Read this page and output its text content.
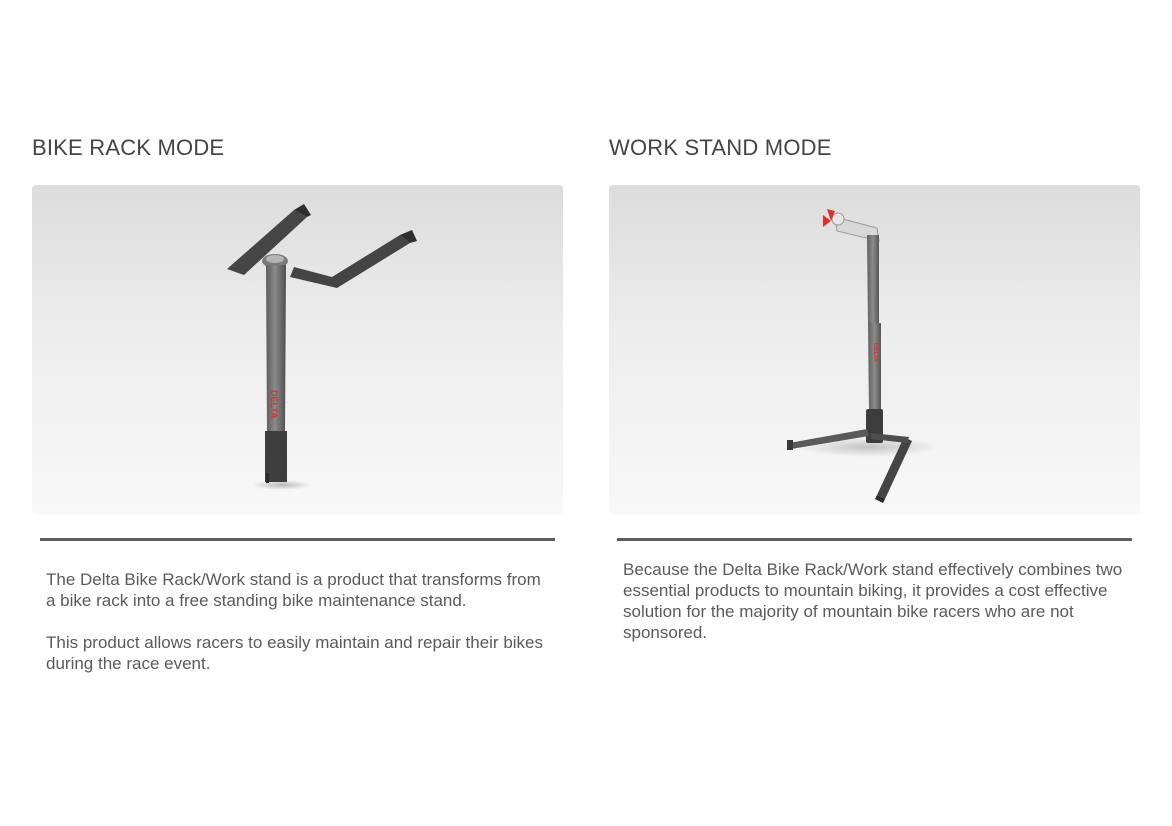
BIKE RACK MODE
DELTA

The Delta Bike Rack/Work stand is a product that transforms from a bike rack into a free standing bike maintenance stand.

This product allows racers to easily maintain and repair their bikes during the race event.

WORK STAND MODE
DELTA

Because the Delta Bike Rack/Work stand effectively combines two essential products to mountain biking, it provides a cost effective solution for the majority of mountain bike racers who are not sponsored.
